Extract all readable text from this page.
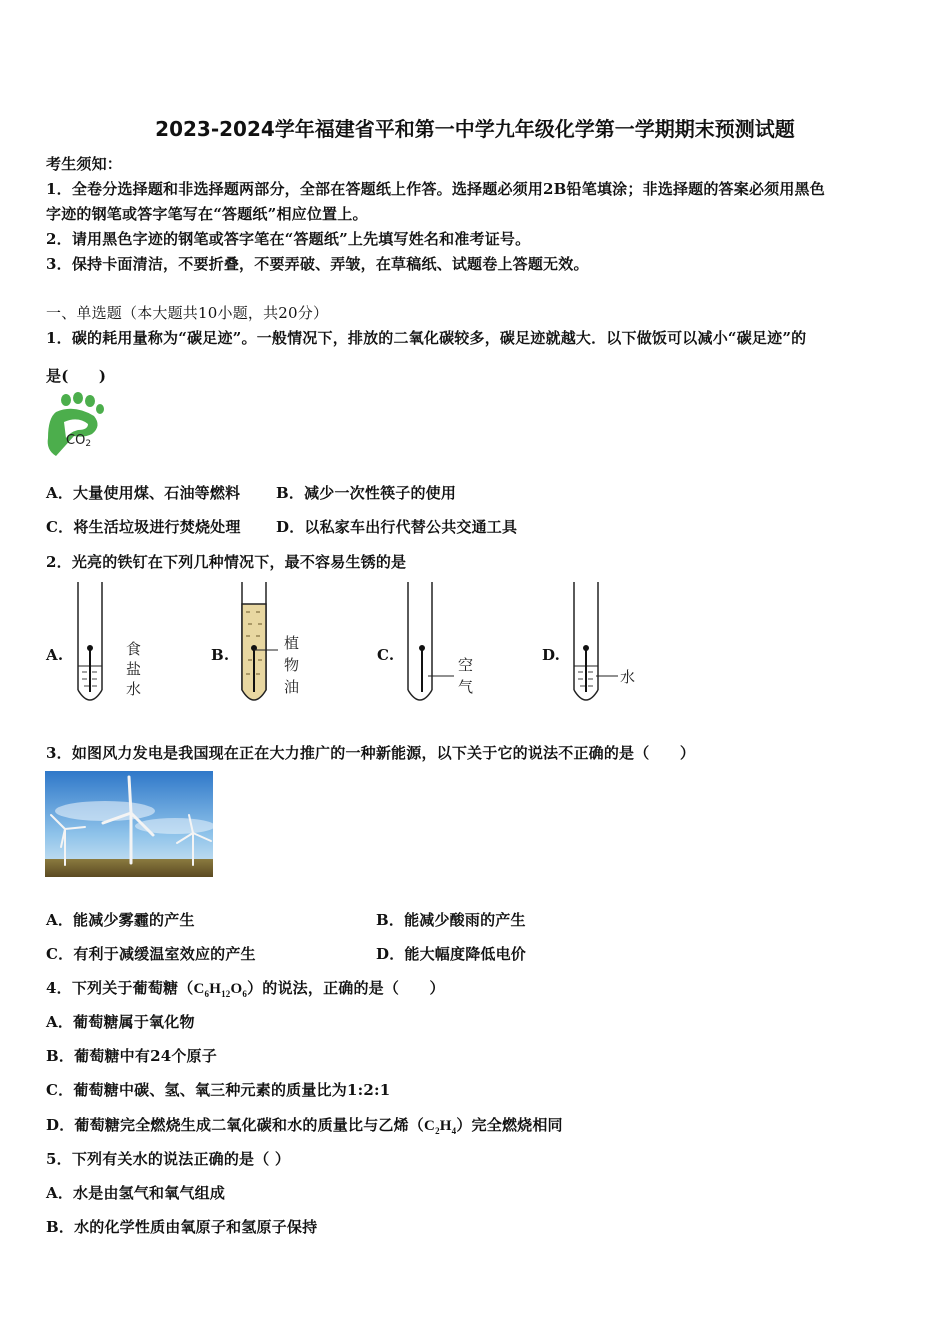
2023-2024学年福建省平和第一中学九年级化学第一学期期末预测试题
考生须知：
1．全卷分选择题和非选择题两部分，全部在答题纸上作答。选择题必须用2B铅笔填涂；非选择题的答案必须用黑色
字迹的钢笔或答字笔写在“答题纸”相应位置上。
2．请用黑色字迹的钢笔或答字笔在“答题纸”上先填写姓名和准考证号。
3．保持卡面清洁，不要折叠，不要弄破、弄皱，在草稿纸、试题卷上答题无效。
一、单选题（本大题共10小题，共20分）
1．碳的耗用量称为“碳足迹”。一般情况下，排放的二氧化碳较多，碳足迹就越大．以下做饭可以减小“碳足迹”的
是(　　)
CO2
A．大量使用煤、石油等燃料 B．减少一次性筷子的使用
C．将生活垃圾进行焚烧处理 D．以私家车出行代替公共交通工具
2．光亮的铁钉在下列几种情况下，最不容易生锈的是
A.	食
盐
水
B.
植
物
油
C.
空
气
D.
水
3．如图风力发电是我国现在正在大力推广的一种新能源，以下关于它的说法不正确的是（　　）
A．能减少雾霾的产生	B．能减少酸雨的产生
C．有利于减缓温室效应的产生	D．能大幅度降低电价
4．下列关于葡萄糖$(C_6H_{12}O_6)$的说法，正确的是（　　）
A．葡萄糖属于氧化物
B．葡萄糖中有24个原子
C．葡萄糖中碳、氢、氧三种元素的质量比为1:2:1
D．葡萄糖完全燃烧生成二氧化碳和水的质量比与乙烯$(C_2H_4)$完全燃烧相同
5．下列有关水的说法正确的是（ ）
A．水是由氢气和氧气组成
B．水的化学性质由氧原子和氢原子保持
